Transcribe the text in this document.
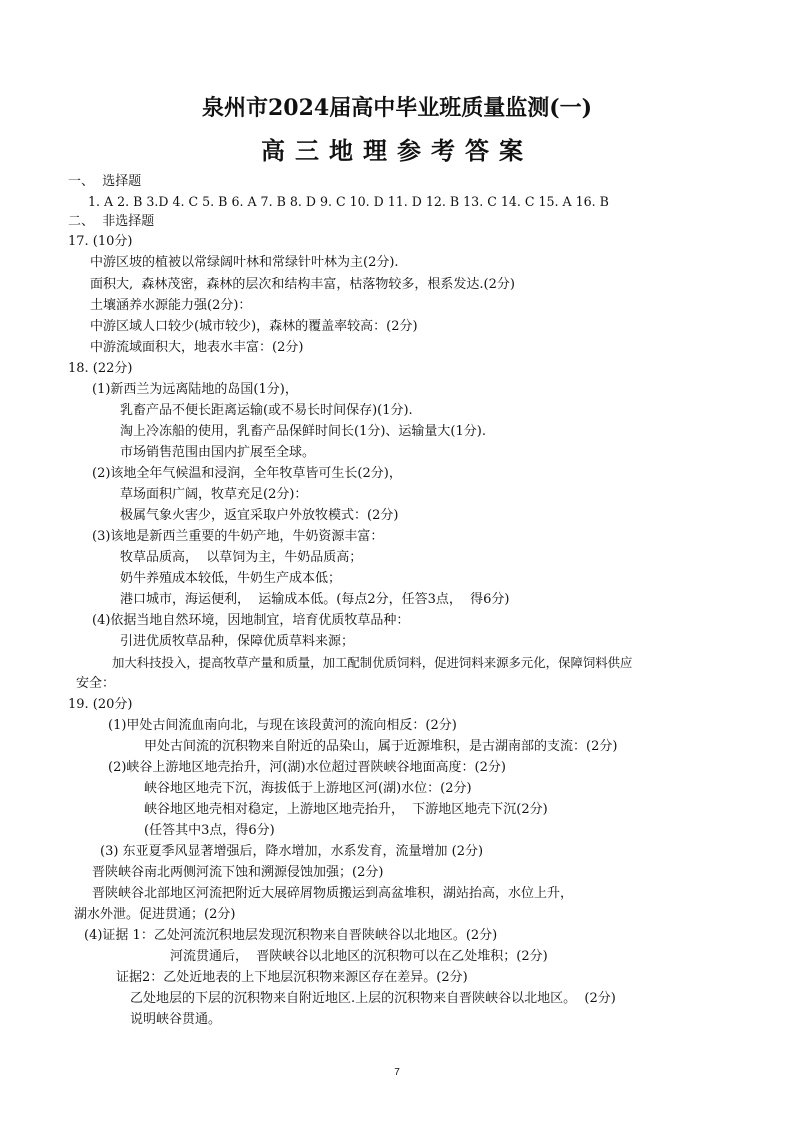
泉州市2024届高中毕业班质量监测(一)
高三地理参考答案
一、  选择题
1. A 2. B 3.D 4. C 5. B 6. A 7. B 8. D 9. C 10. D 11. D 12. B 13. C 14. C 15. A 16. B
二、  非选择题
17. (10分)
中游区坡的植被以常绿阔叶林和常绿针叶林为主(2分).
面积大,  森林茂密，森林的层次和结构丰富，枯落物较多，根系发达.(2分)
土壤涵养水源能力强(2分)：
中游区域人口较少(城市较少)，森林的覆盖率较高：(2分)
中游流域面积大，地表水丰富：(2分)
18. (22分)
(1)新西兰为远离陆地的岛国(1分)，
乳畜产品不便长距离运输(或不易长时间保存)(1分).
淘上冷冻船的使用，乳畜产品保鲜时间长(1分)、运输量大(1分).
市场销售范围由国内扩展至全球。
(2)该地全年气候温和浸润，全年牧草皆可生长(2分)，
草场面积广阔，牧草充足(2分)：
极属气象火害少，返宜采取户外放牧模式：(2分)
(3)该地是新西兰重要的牛奶产地，牛奶资源丰富：
牧草品质高，  以草饲为主，牛奶品质高；
奶牛养殖成本较低，牛奶生产成本低；
港口城市，海运便利，  运输成本低。(每点2分，任答3点，  得6分)
(4)依据当地自然环境，因地制宜，培育优质牧草品种：
引进优质牧草品种，保障优质草料来源；
加大科技投入，提高牧草产量和质量，加工配制优质饲料，促进饲料来源多元化，保障饲料供应
安全：
19. (20分)
(1)甲处古间流血南向北，与现在该段黄河的流向相反：(2分)
甲处古间流的沉积物来自附近的品染山，属于近源堆积，是古湖南部的支流：(2分)
(2)峡谷上游地区地壳抬升，河(湖)水位超过晋陕峡谷地面高度：(2分)
峡谷地区地壳下沉，海拔低于上游地区河(湖)水位：(2分)
峡谷地区地壳相对稳定，上游地区地壳抬升，  下游地区地壳下沉(2分)
(任答其中3点，得6分)
(3) 东亚夏季风显著增强后，降水增加，水系发育，流量增加 (2分)
晋陕峡谷南北两侧河流下蚀和溯源侵蚀加强；(2分)
晋陕峡谷北部地区河流把附近大展碎屑物质搬运到高盆堆积，湖站抬高，水位上升，
湖水外泄。促进贯通；(2分)
(4)证据 1：乙处河流沉积地层发现沉积物来自晋陕峡谷以北地区。(2分)
河流贯通后，  晋陕峡谷以北地区的沉积物可以在乙处堆积；(2分)
证据2：乙处近地表的上下地层沉积物来源区存在差异。(2分)
乙处地层的下层的沉积物来自附近地区.上层的沉积物来自晋陕峡谷以北地区。  (2分)
说明峡谷贯通。
7
